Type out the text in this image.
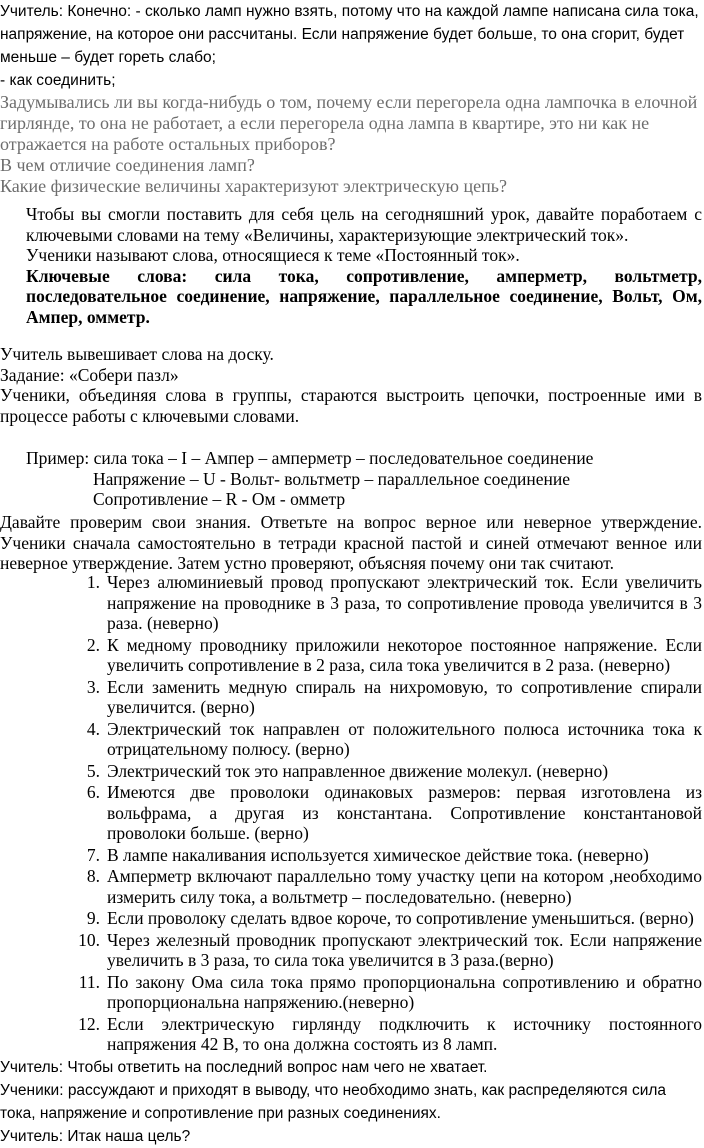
Учитель: Конечно: - сколько ламп нужно взять, потому что на каждой лампе написана сила тока, напряжение, на которое они рассчитаны. Если напряжение будет больше, то она сгорит, будет меньше – будет гореть слабо;

- как соединить;

Задумывались ли вы когда-нибудь о том, почему если перегорела одна лампочка в елочной гирлянде, то она не работает, а если перегорела одна лампа в квартире, это ни как не отражается на работе остальных приборов?

В чем отличие соединения ламп?

Какие физические величины характеризуют электрическую цепь?

Чтобы вы смогли поставить для себя цель на сегодняшний урок, давайте поработаем с ключевыми словами на тему «Величины, характеризующие электрический ток».

Ученики называют слова, относящиеся к теме «Постоянный ток».

Ключевые слова: сила тока, сопротивление, амперметр, вольтметр, последовательное соединение, напряжение, параллельное соединение, Вольт, Ом, Ампер, омметр.

Учитель вывешивает слова на доску.

Задание: «Собери пазл»

Ученики, объединяя слова в группы, стараются выстроить цепочки, построенные ими в процессе работы с ключевыми словами.

Пример: сила тока – I – Ампер – амперметр – последовательное соединение

Напряжение – U - Вольт- вольтметр – параллельное соединение

Сопротивление – R - Ом - омметр

Давайте проверим свои знания. Ответьте на вопрос верное или неверное утверждение. Ученики сначала самостоятельно в тетради красной пастой и синей отмечают венное или неверное утверждение. Затем устно проверяют, объясняя почему они так считают.

1. Через алюминиевый провод пропускают электрический ток. Если увеличить напряжение на проводнике в 3 раза, то сопротивление провода увеличится в 3 раза. (неверно)
2. К медному проводнику приложили некоторое постоянное напряжение. Если увеличить сопротивление в 2 раза, сила тока увеличится в 2 раза. (неверно)
3. Если заменить медную спираль на нихромовую, то сопротивление спирали увеличится. (верно)
4. Электрический ток направлен от положительного полюса источника тока к отрицательному полюсу. (верно)
5. Электрический ток это направленное движение молекул. (неверно)
6. Имеются две проволоки одинаковых размеров: первая изготовлена из вольфрама, а другая из константана. Сопротивление константановой проволоки больше. (верно)
7. В лампе накаливания используется химическое действие тока. (неверно)
8. Амперметр включают параллельно тому участку цепи на котором ,необходимо измерить силу тока, а вольтметр – последовательно. (неверно)
9. Если проволоку сделать вдвое короче, то сопротивление уменьшиться. (верно)
10. Через железный проводник пропускают электрический ток. Если напряжение увеличить в 3 раза, то сила тока увеличится в 3 раза.(верно)
11. По закону Ома сила тока прямо пропорциональна сопротивлению и обратно пропорциональна напряжению.(неверно)
12. Если электрическую гирлянду подключить к источнику постоянного напряжения 42 В, то она должна состоять из 8 ламп.

Учитель: Чтобы ответить на последний вопрос нам чего не хватает.

Ученики: рассуждают и приходят в выводу, что необходимо знать, как распределяются сила тока, напряжение и сопротивление при разных соединениях.

Учитель: Итак наша цель?
